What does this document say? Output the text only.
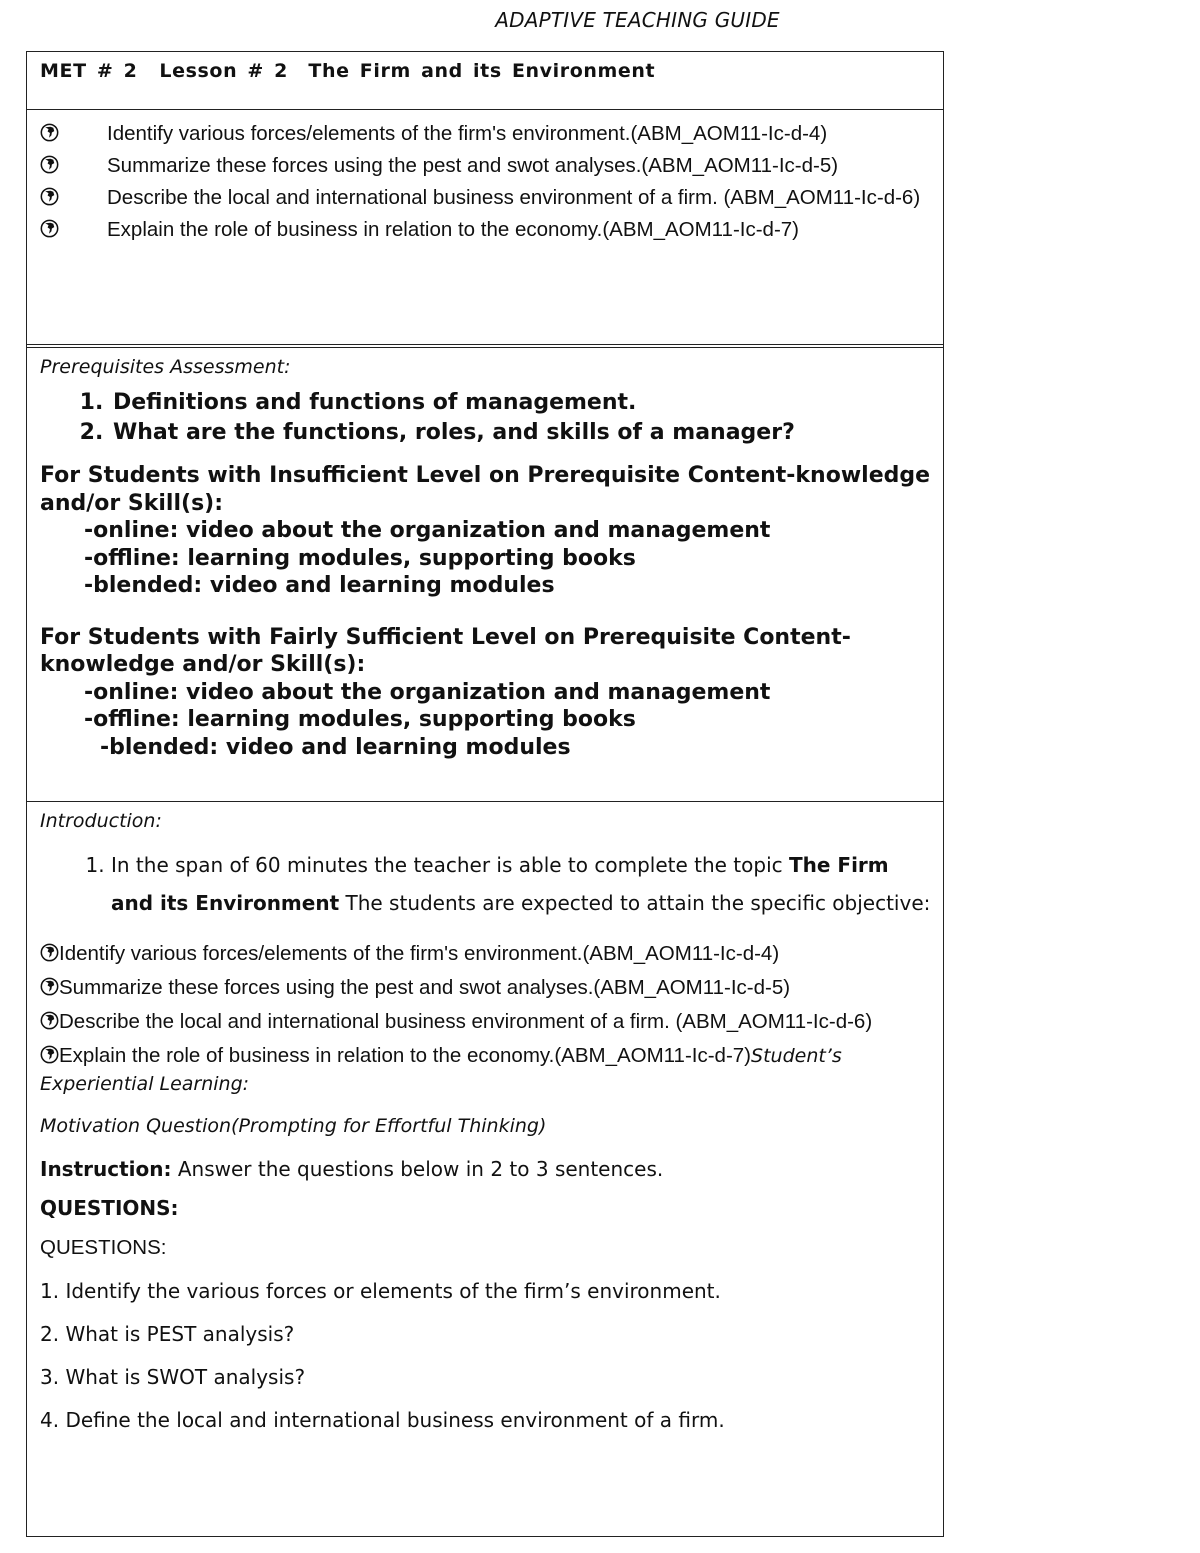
ADAPTIVE TEACHING GUIDE
MET # 2 Lesson # 2 The Firm and its Environment
Identify various forces/elements of the firm's environment.(ABM_AOM11-Ic-d-4)
Summarize these forces using the pest and swot analyses.(ABM_AOM11-Ic-d-5)
Describe the local and international business environment of a firm. (ABM_AOM11-Ic-d-6)
Explain the role of business in relation to the economy.(ABM_AOM11-Ic-d-7)
Prerequisites Assessment:
1. Definitions and functions of management.
2. What are the functions, roles, and skills of a manager?
For Students with Insufficient Level on Prerequisite Content-knowledge and/or Skill(s):
-online: video about the organization and management
-offline: learning modules, supporting books
-blended: video and learning modules
For Students with Fairly Sufficient Level on Prerequisite Content-knowledge and/or Skill(s):
-online: video about the organization and management
-offline: learning modules, supporting books
-blended: video and learning modules
Introduction:
1. In the span of 60 minutes the teacher is able to complete the topic The Firm and its Environment The students are expected to attain the specific objective:
Identify various forces/elements of the firm's environment.(ABM_AOM11-Ic-d-4)
Summarize these forces using the pest and swot analyses.(ABM_AOM11-Ic-d-5)
Describe the local and international business environment of a firm. (ABM_AOM11-Ic-d-6)
Explain the role of business in relation to the economy.(ABM_AOM11-Ic-d-7)Student’s Experiential Learning:
Motivation Question(Prompting for Effortful Thinking)
Instruction: Answer the questions below in 2 to 3 sentences.
QUESTIONS:
QUESTIONS:
1. Identify the various forces or elements of the firm’s environment.
2. What is PEST analysis?
3. What is SWOT analysis?
4. Define the local and international business environment of a firm.
